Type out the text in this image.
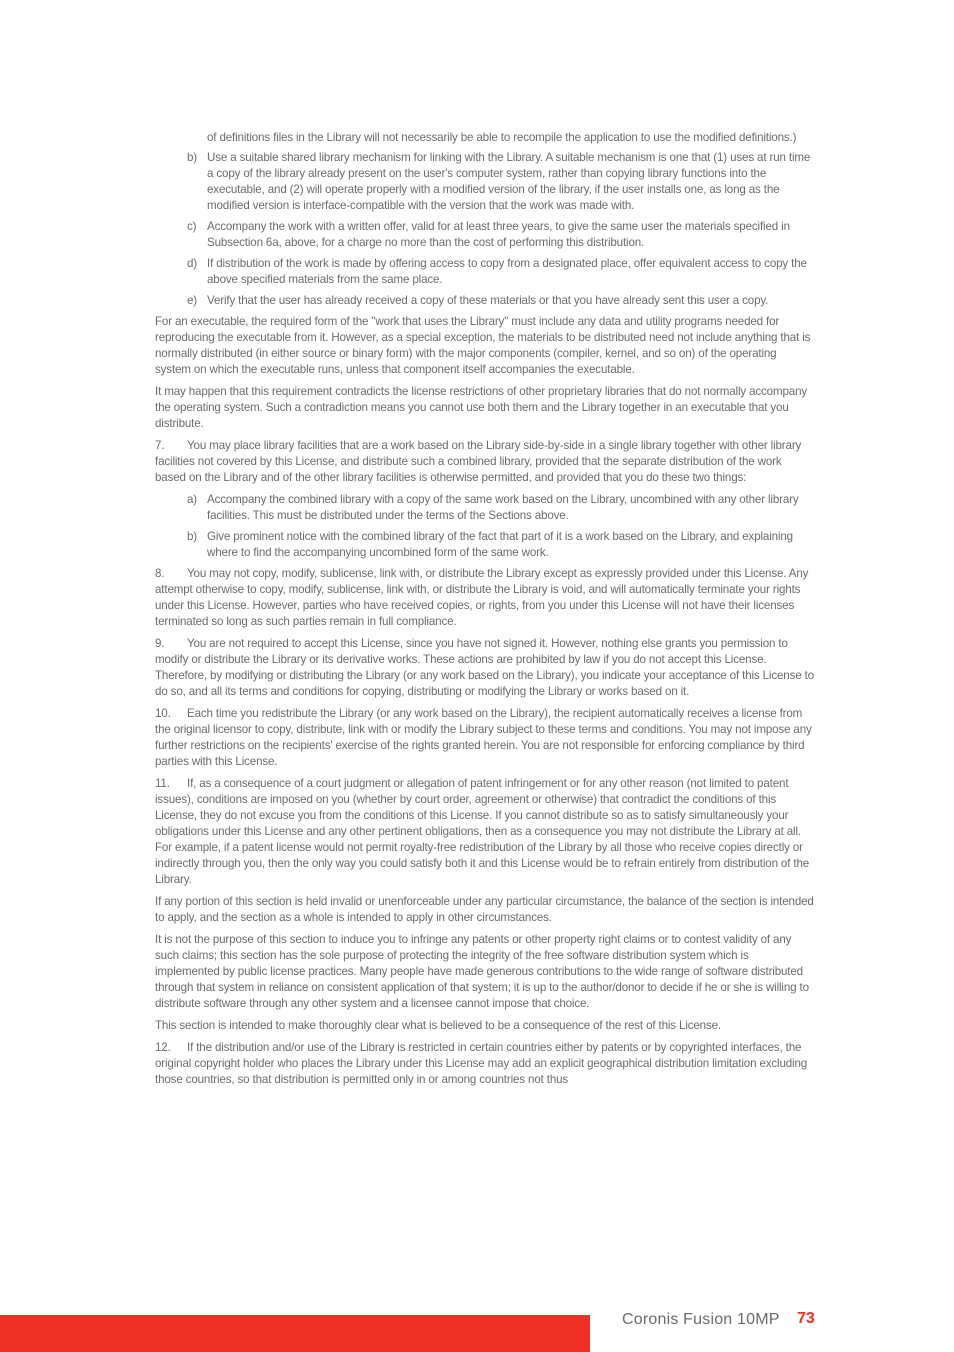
of definitions files in the Library will not necessarily be able to recompile the application to use the modified definitions.)
b) Use a suitable shared library mechanism for linking with the Library. A suitable mechanism is one that (1) uses at run time a copy of the library already present on the user's computer system, rather than copying library functions into the executable, and (2) will operate properly with a modified version of the library, if the user installs one, as long as the modified version is interface-compatible with the version that the work was made with.
c) Accompany the work with a written offer, valid for at least three years, to give the same user the materials specified in Subsection 6a, above, for a charge no more than the cost of performing this distribution.
d) If distribution of the work is made by offering access to copy from a designated place, offer equivalent access to copy the above specified materials from the same place.
e) Verify that the user has already received a copy of these materials or that you have already sent this user a copy.

For an executable, the required form of the "work that uses the Library" must include any data and utility programs needed for reproducing the executable from it. However, as a special exception, the materials to be distributed need not include anything that is normally distributed (in either source or binary form) with the major components (compiler, kernel, and so on) of the operating system on which the executable runs, unless that component itself accompanies the executable.

It may happen that this requirement contradicts the license restrictions of other proprietary libraries that do not normally accompany the operating system. Such a contradiction means you cannot use both them and the Library together in an executable that you distribute.

7. You may place library facilities that are a work based on the Library side-by-side in a single library together with other library facilities not covered by this License, and distribute such a combined library, provided that the separate distribution of the work based on the Library and of the other library facilities is otherwise permitted, and provided that you do these two things:

a) Accompany the combined library with a copy of the same work based on the Library, uncombined with any other library facilities. This must be distributed under the terms of the Sections above.
b) Give prominent notice with the combined library of the fact that part of it is a work based on the Library, and explaining where to find the accompanying uncombined form of the same work.

8. You may not copy, modify, sublicense, link with, or distribute the Library except as expressly provided under this License. Any attempt otherwise to copy, modify, sublicense, link with, or distribute the Library is void, and will automatically terminate your rights under this License. However, parties who have received copies, or rights, from you under this License will not have their licenses terminated so long as such parties remain in full compliance.

9. You are not required to accept this License, since you have not signed it. However, nothing else grants you permission to modify or distribute the Library or its derivative works. These actions are prohibited by law if you do not accept this License. Therefore, by modifying or distributing the Library (or any work based on the Library), you indicate your acceptance of this License to do so, and all its terms and conditions for copying, distributing or modifying the Library or works based on it.

10. Each time you redistribute the Library (or any work based on the Library), the recipient automatically receives a license from the original licensor to copy, distribute, link with or modify the Library subject to these terms and conditions. You may not impose any further restrictions on the recipients' exercise of the rights granted herein. You are not responsible for enforcing compliance by third parties with this License.

11. If, as a consequence of a court judgment or allegation of patent infringement or for any other reason (not limited to patent issues), conditions are imposed on you (whether by court order, agreement or otherwise) that contradict the conditions of this License, they do not excuse you from the conditions of this License. If you cannot distribute so as to satisfy simultaneously your obligations under this License and any other pertinent obligations, then as a consequence you may not distribute the Library at all. For example, if a patent license would not permit royalty-free redistribution of the Library by all those who receive copies directly or indirectly through you, then the only way you could satisfy both it and this License would be to refrain entirely from distribution of the Library.

If any portion of this section is held invalid or unenforceable under any particular circumstance, the balance of the section is intended to apply, and the section as a whole is intended to apply in other circumstances.

It is not the purpose of this section to induce you to infringe any patents or other property right claims or to contest validity of any such claims; this section has the sole purpose of protecting the integrity of the free software distribution system which is implemented by public license practices. Many people have made generous contributions to the wide range of software distributed through that system in reliance on consistent application of that system; it is up to the author/donor to decide if he or she is willing to distribute software through any other system and a licensee cannot impose that choice.

This section is intended to make thoroughly clear what is believed to be a consequence of the rest of this License.

12. If the distribution and/or use of the Library is restricted in certain countries either by patents or by copyrighted interfaces, the original copyright holder who places the Library under this License may add an explicit geographical distribution limitation excluding those countries, so that distribution is permitted only in or among countries not thus

Coronis Fusion 10MP 73
